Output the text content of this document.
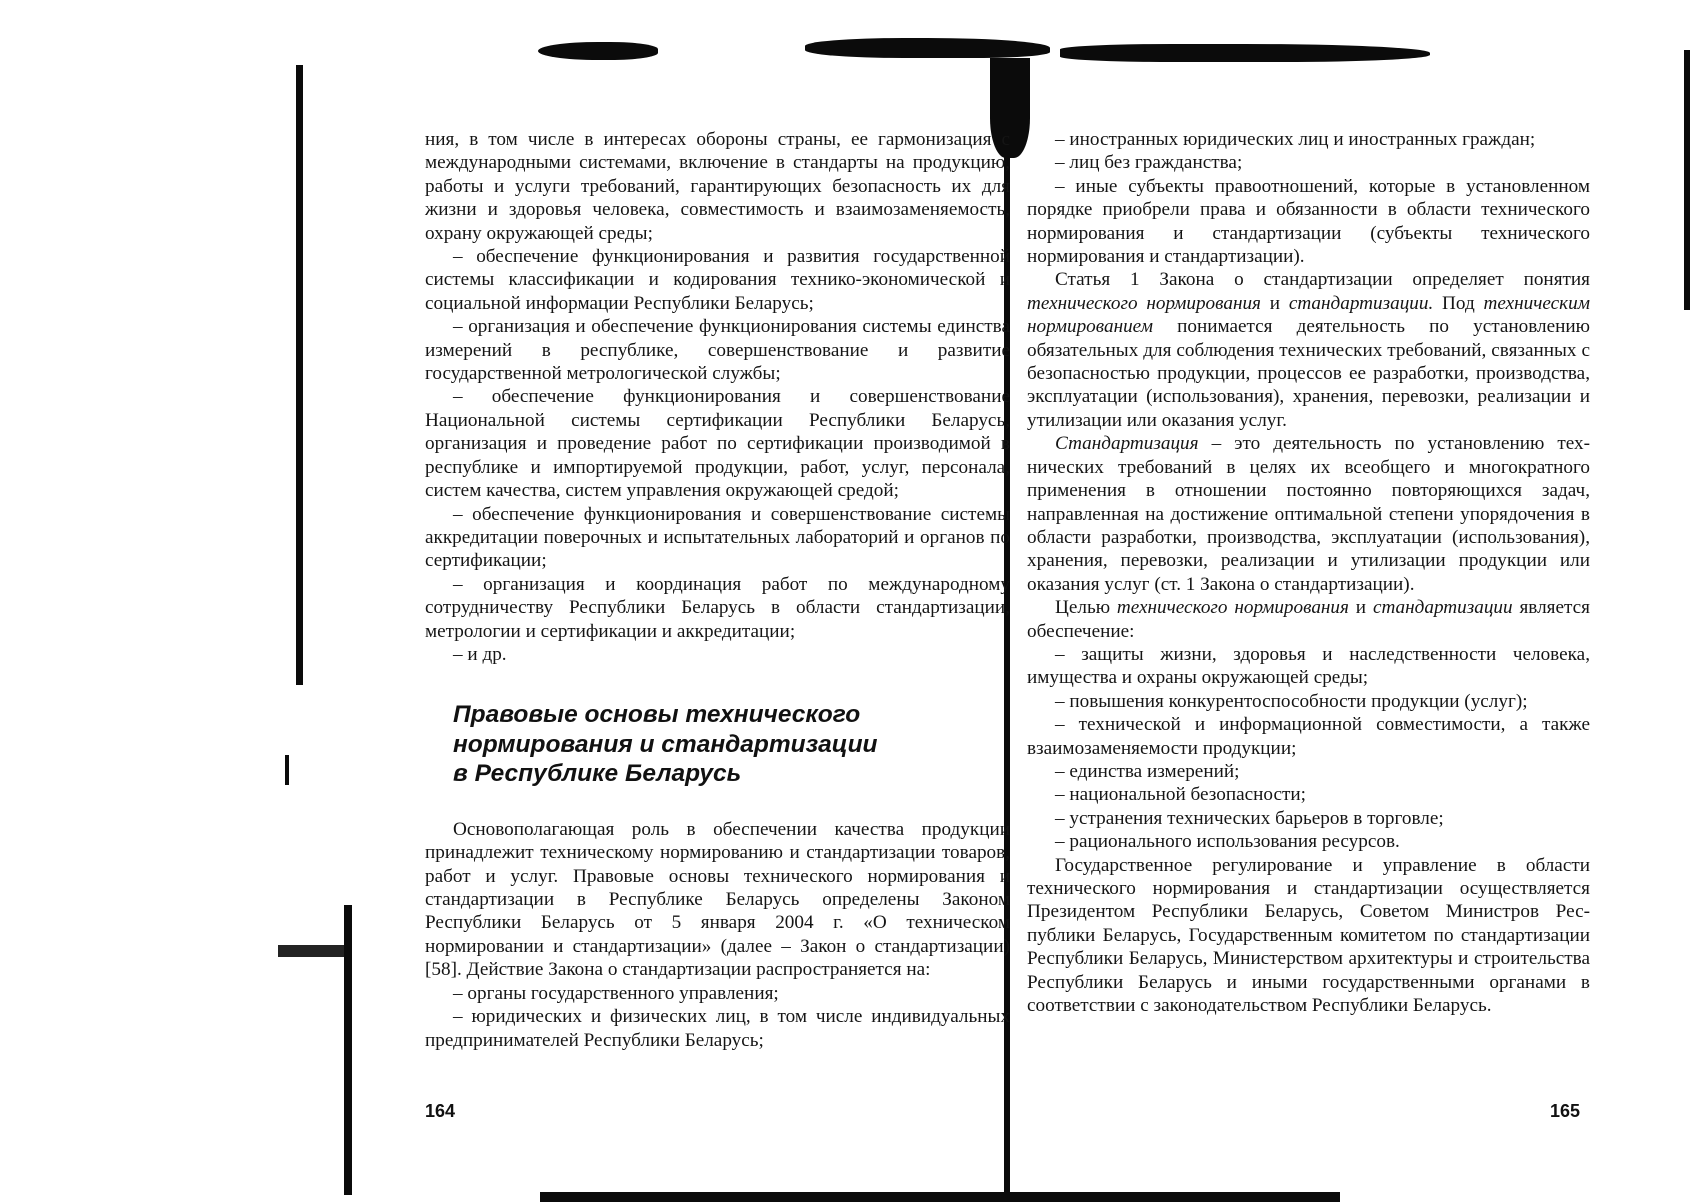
ния, в том числе в интересах обороны страны, ее гармонизация с международными системами, включение в стандарты на продукцию, работы и услуги требований, гарантирующих безопасность их для жизни и здоровья человека, совместимость и взаимозаменяемость, охрану окружающей среды;

– обеспечение функционирования и развития государственной системы классификации и кодирования технико-экономической и социальной информации Республики Беларусь;

– организация и обеспечение функционирования системы единства измерений в республике, совершенствование и развитие государственной метрологической службы;

– обеспечение функционирования и совершенствование Национальной системы сертификации Республики Беларусь, организация и проведение работ по сертификации производимой в республике и импортируемой продукции, работ, услуг, персонала, систем качества, систем управления окружающей средой;

– обеспечение функционирования и совершенствование системы аккредитации поверочных и испытательных лабораторий и органов по сертификации;

– организация и координация работ по международному сотрудничеству Республики Беларусь в области стандартизации, метрологии и сертификации и аккредитации;

– и др.

Правовые основы технического
нормирования и стандартизации
в Республике Беларусь

Основополагающая роль в обеспечении качества продукции принадлежит техническому нормированию и стандартизации товаров, работ и услуг. Правовые основы технического нормирования и стандартизации в Республике Беларусь определены Законом Республики Беларусь от 5 января 2004 г. «О техническом нормировании и стандартизации» (далее – Закон о стандартизации) [58]. Действие Закона о стандартизации распространяется на:

– органы государственного управления;

– юридических и физических лиц, в том числе индивидуальных предпринимателей Республики Беларусь;

164

– иностранных юридических лиц и иностранных граждан;

– лиц без гражданства;

– иные субъекты правоотношений, которые в установленном порядке приобрели права и обязанности в области технического нормирования и стандартизации (субъекты технического нормирования и стандартизации).

Статья 1 Закона о стандартизации определяет понятия технического нормирования и стандартизации. Под техническим нормированием понимается деятельность по установлению обязательных для соблюдения технических требований, связанных с безопасностью продукции, процессов ее разработки, производства, эксплуатации (использования), хранения, перевозки, реализации и утилизации или оказания услуг.

Стандартизация – это деятельность по установлению технических требований в целях их всеобщего и многократного применения в отношении постоянно повторяющихся задач, направленная на достижение оптимальной степени упорядочения в области разработки, производства, эксплуатации (использования), хранения, перевозки, реализации и утилизации продукции или оказания услуг (ст. 1 Закона о стандартизации).

Целью технического нормирования и стандартизации является обеспечение:

– защиты жизни, здоровья и наследственности человека, имущества и охраны окружающей среды;

– повышения конкурентоспособности продукции (услуг);

– технической и информационной совместимости, а также взаимозаменяемости продукции;

– единства измерений;

– национальной безопасности;

– устранения технических барьеров в торговле;

– рационального использования ресурсов.

Государственное регулирование и управление в области технического нормирования и стандартизации осуществляется Президентом Республики Беларусь, Советом Министров Республики Беларусь, Государственным комитетом по стандартизации Республики Беларусь, Министерством архитектуры и строительства Республики Беларусь и иными государственными органами в соответствии с законодательством Республики Беларусь.

165
